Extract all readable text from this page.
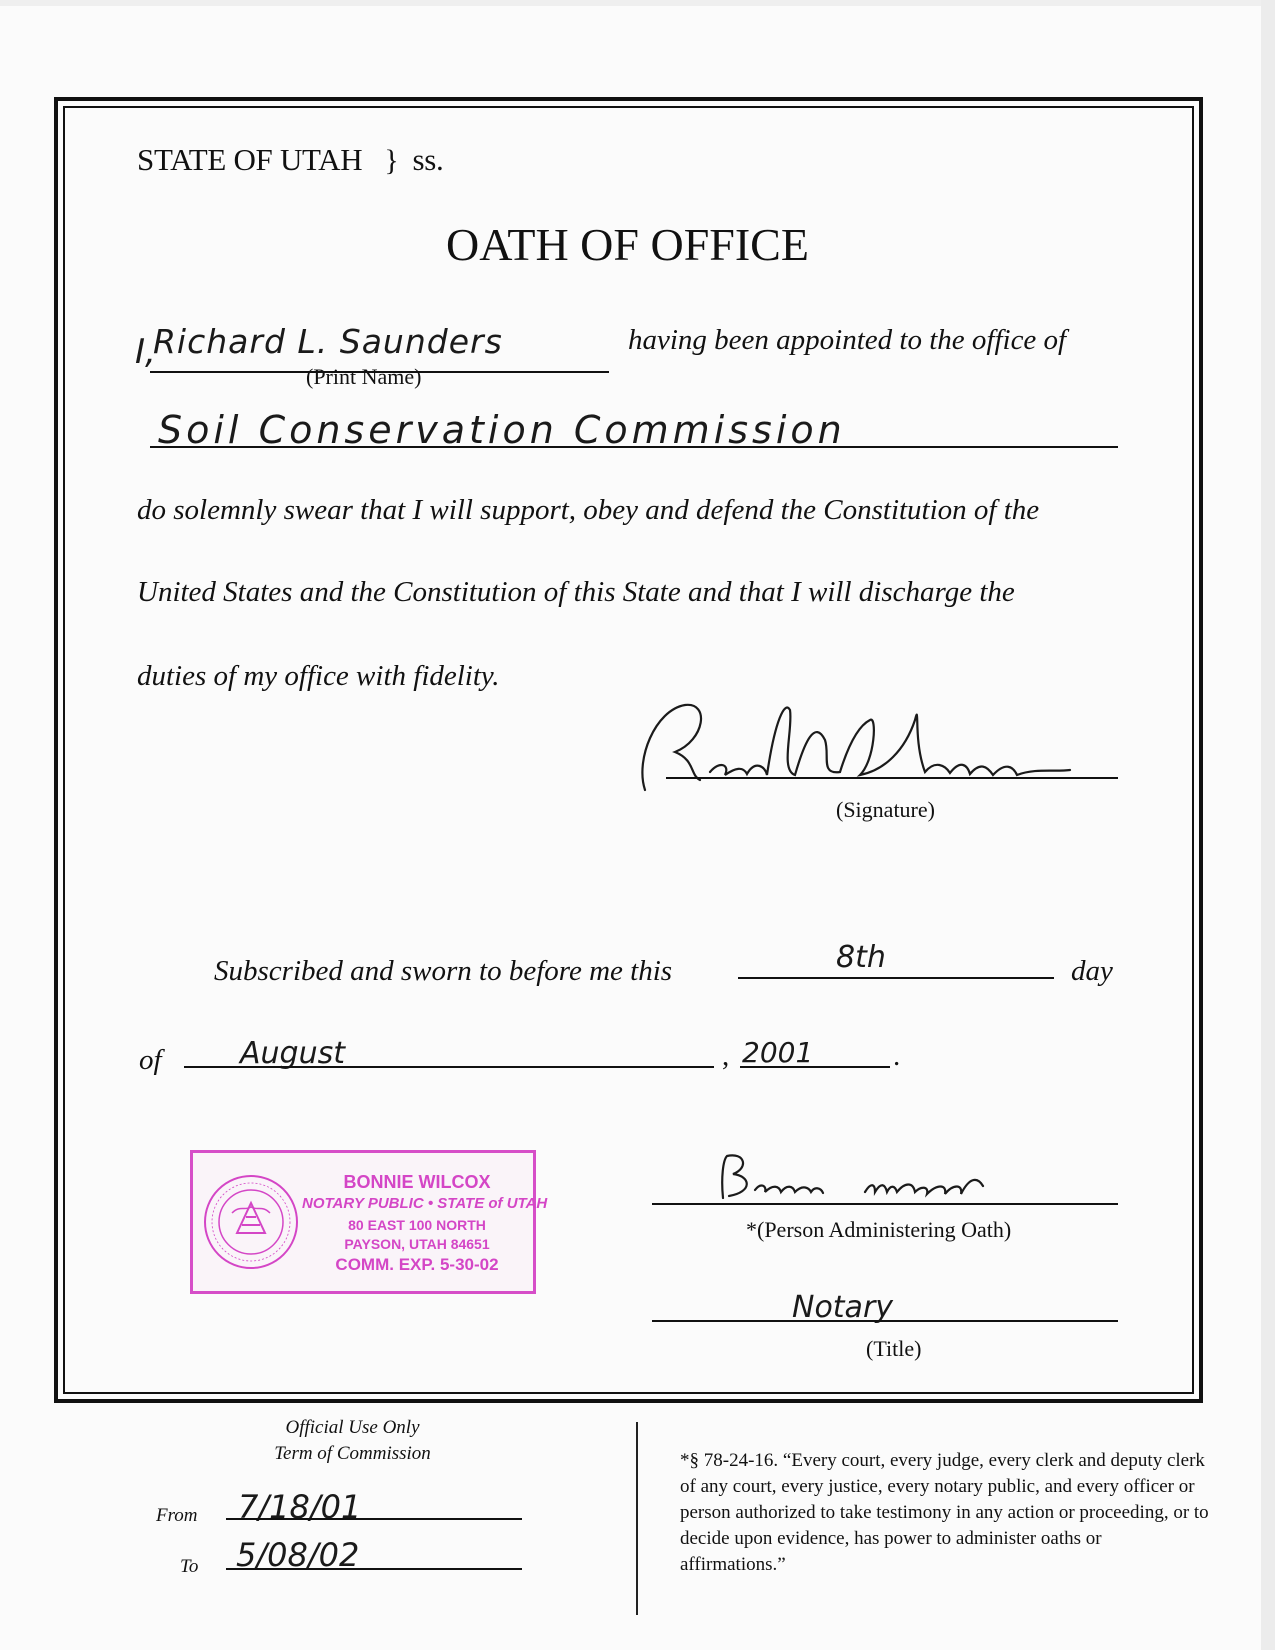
STATE OF UTAH } ss.
OATH OF OFFICE
I,
Richard L. Saunders
(Print Name)
having been appointed to the office of
Soil Conservation Commission
do solemnly swear that I will support, obey and defend the Constitution of the
United States and the Constitution of this State and that I will discharge the
duties of my office with fidelity.
(Signature)
Subscribed and sworn to before me this	8th	day
of	August	, 2001	.
BONNIE WILCOX
NOTARY PUBLIC • STATE of UTAH
80 EAST 100 NORTH
PAYSON, UTAH 84651
COMM. EXP. 5-30-02
*(Person Administering Oath)
Notary
(Title)
Official Use Only
Term of Commission
From 7/18/01
To 5/08/02
*§ 78-24-16. “Every court, every judge, every clerk and deputy clerk of any court, every justice, every notary public, and every officer or person authorized to take testimony in any action or proceeding, or to decide upon evidence, has power to administer oaths or affirmations.”
